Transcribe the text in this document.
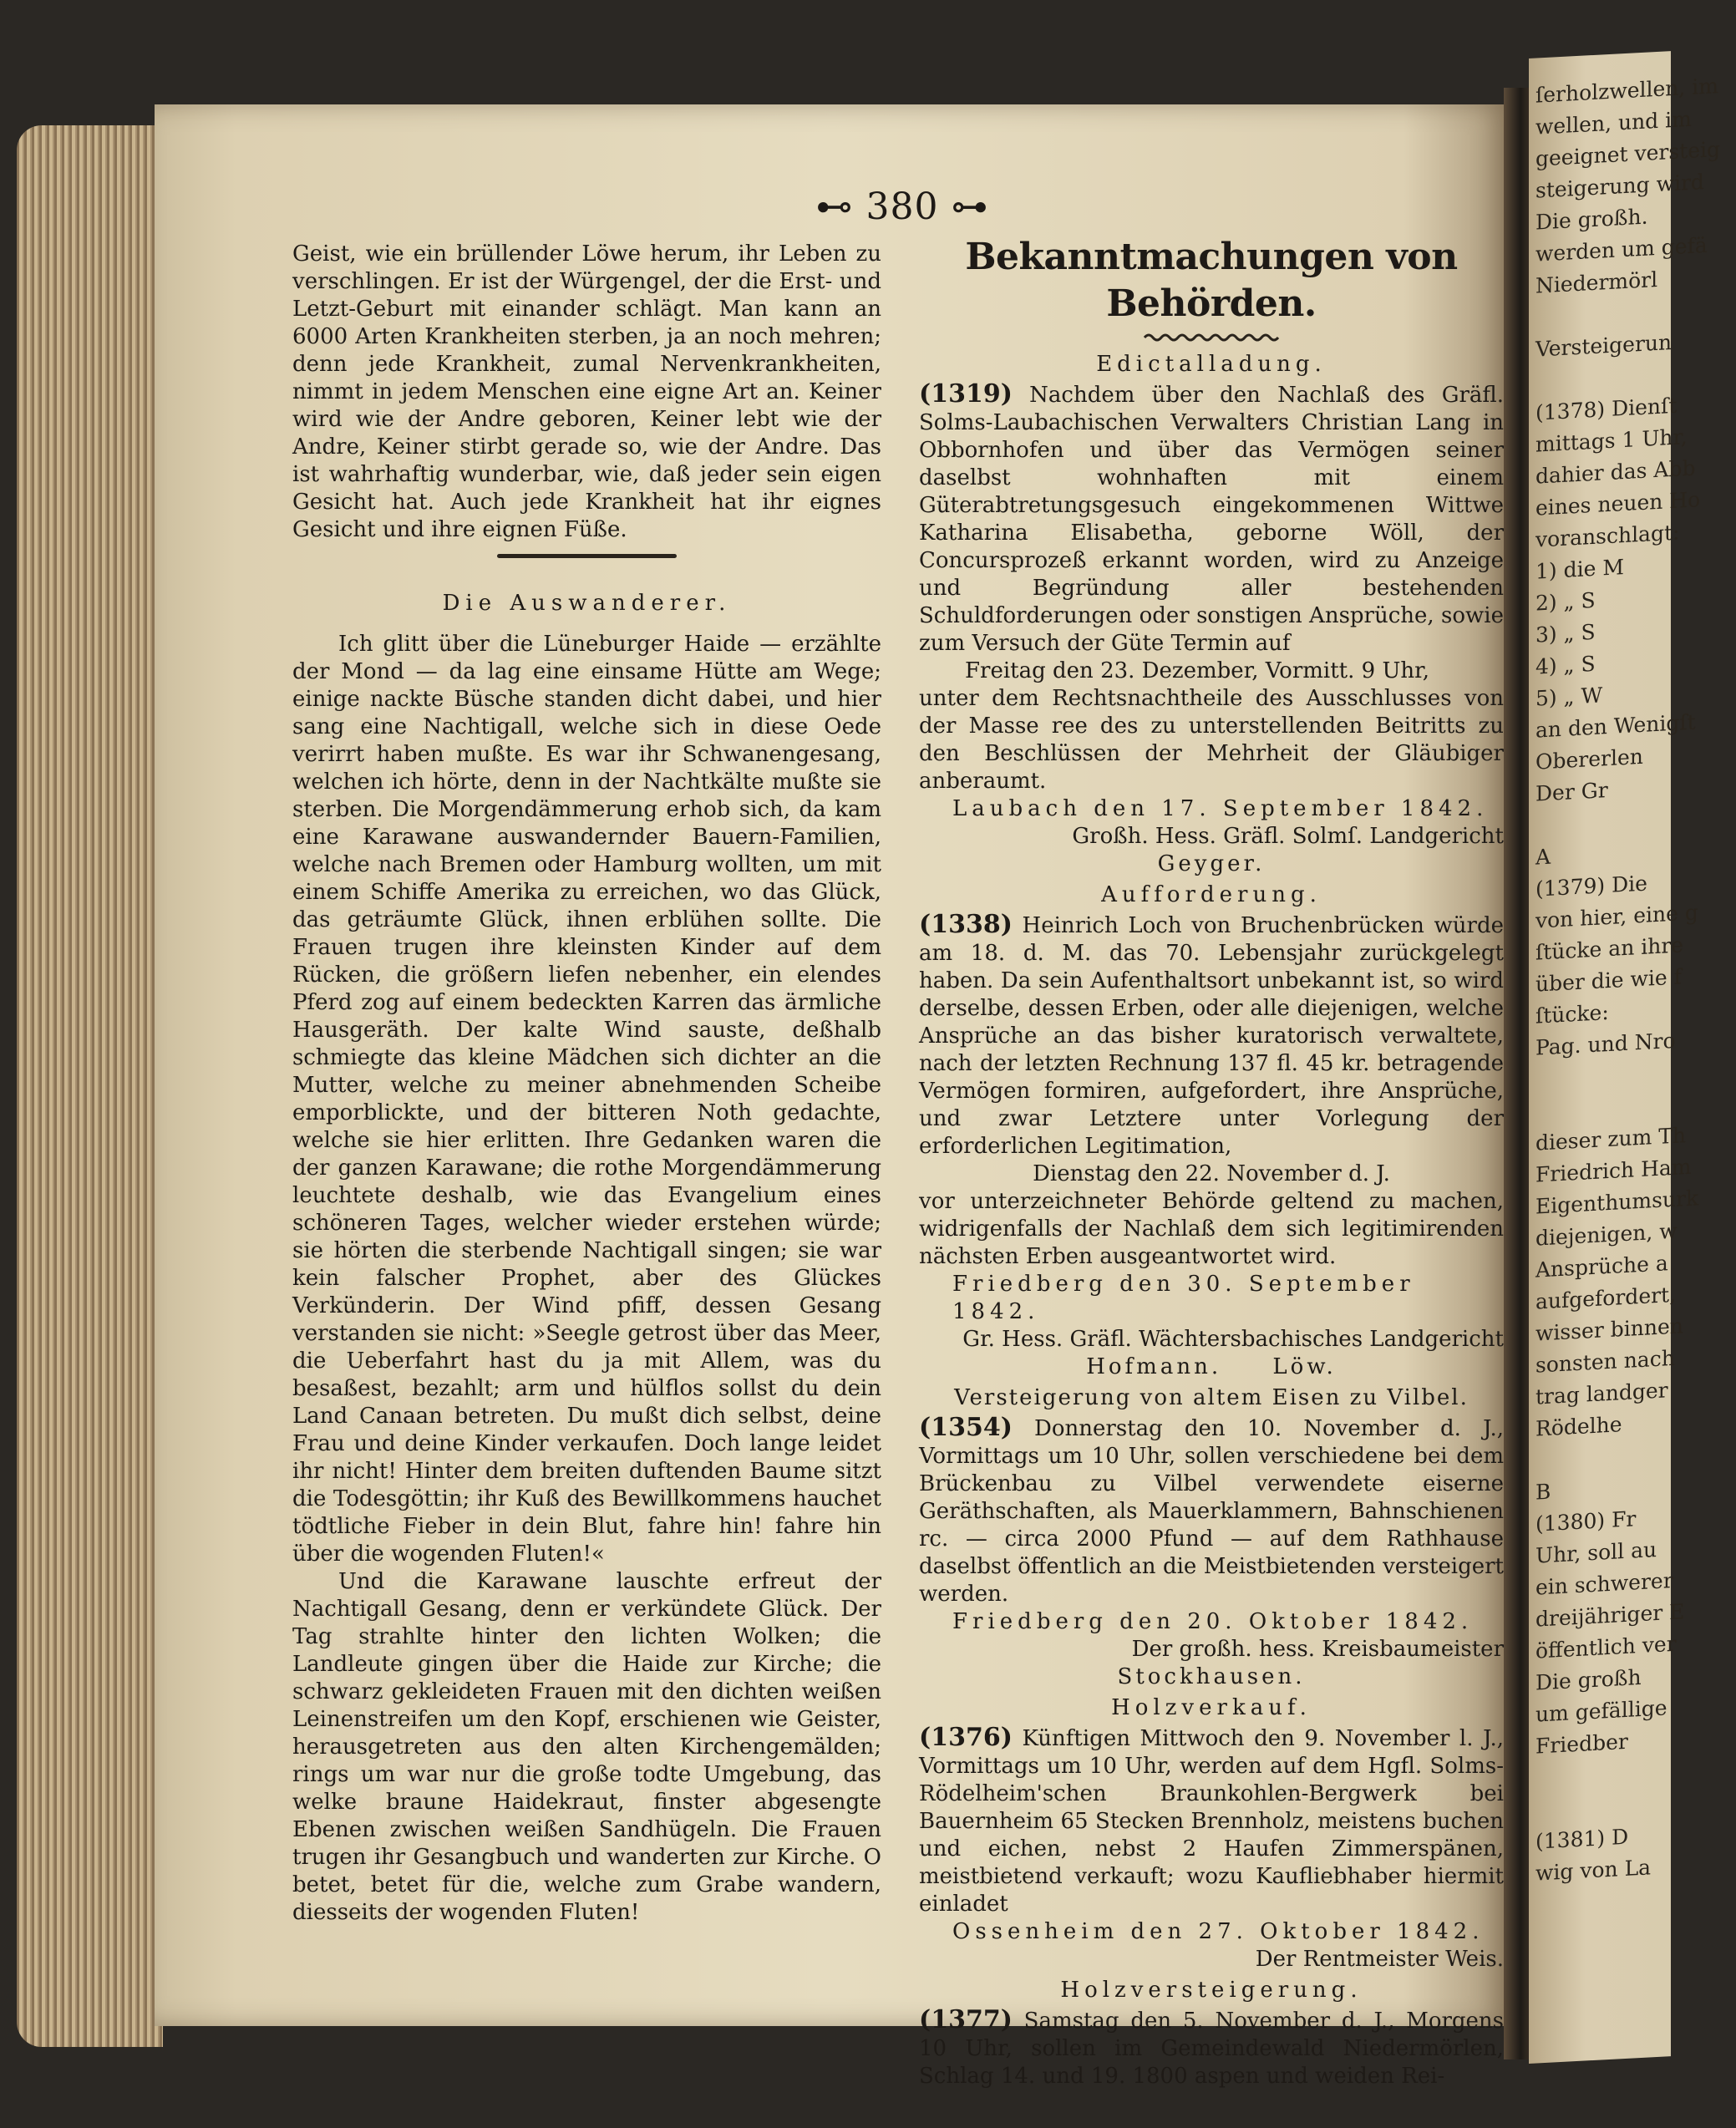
ſerholzwellen, im
wellen, und im
geeignet versteig
steigerung wird
Die großh.
werden um gefä
Niedermörl
Versteigerun
(1378) Dienſt
mittags 1 Uhr,
dahier das Abb
eines neuen Ho
voranschlagt:
1) die M
2) „ S
3) „ S
4) „ S
5) „ W
an den Wenigſt
Obererlen
Der Gr
A
(1379) Die
von hier, eine g
ſtücke an ihre
über die wie f
ſtücke:
Pag. und Nro
dieser zum Th
Friedrich Ham
Eigenthumsurk
diejenigen, w
Ansprüche a
aufgefordert,
wisser binnen
sonsten nach
trag landger
Rödelhe
B
(1380) Fr
Uhr, soll au
ein schwerer
dreijähriger E
öffentlich ver
Die großh
um gefällige
Friedber
(1381) D
wig von La
⊷ 380 ⊶

Geist, wie ein brüllender Löwe herum, ihr Leben zu verschlingen. Er ist der Würgengel, der die Erst- und Letzt-Geburt mit einander schlägt. Man kann an 6000 Arten Krankheiten sterben, ja an noch mehren; denn jede Krankheit, zumal Nervenkrankheiten, nimmt in jedem Menschen eine eigne Art an. Keiner wird wie der Andre geboren, Keiner lebt wie der Andre, Keiner stirbt gerade so, wie der Andre. Das ist wahrhaftig wunderbar, wie, daß jeder sein eigen Gesicht hat. Auch jede Krankheit hat ihr eignes Gesicht und ihre eignen Füße.

Die Auswanderer.

Ich glitt über die Lüneburger Haide — erzählte der Mond — da lag eine einsame Hütte am Wege; einige nackte Büsche standen dicht dabei, und hier sang eine Nachtigall, welche sich in diese Oede verirrt haben mußte. Es war ihr Schwanengesang, welchen ich hörte, denn in der Nachtkälte mußte sie sterben. Die Morgendämmerung erhob sich, da kam eine Karawane auswandernder Bauern-Familien, welche nach Bremen oder Hamburg wollten, um mit einem Schiffe Amerika zu erreichen, wo das Glück, das geträumte Glück, ihnen erblühen sollte. Die Frauen trugen ihre kleinsten Kinder auf dem Rücken, die größern liefen nebenher, ein elendes Pferd zog auf einem bedeckten Karren das ärmliche Hausgeräth. Der kalte Wind sauste, deßhalb schmiegte das kleine Mädchen sich dichter an die Mutter, welche zu meiner abnehmenden Scheibe emporblickte, und der bitteren Noth gedachte, welche sie hier erlitten. Ihre Gedanken waren die der ganzen Karawane; die rothe Morgendämmerung leuchtete deshalb, wie das Evangelium eines schöneren Tages, welcher wieder erstehen würde; sie hörten die sterbende Nachtigall singen; sie war kein falscher Prophet, aber des Glückes Verkünderin. Der Wind pfiff, dessen Gesang verstanden sie nicht: »Seegle getrost über das Meer, die Ueberfahrt hast du ja mit Allem, was du besaßest, bezahlt; arm und hülflos sollst du dein Land Canaan betreten. Du mußt dich selbst, deine Frau und deine Kinder verkaufen. Doch lange leidet ihr nicht! Hinter dem breiten duftenden Baume sitzt die Todesgöttin; ihr Kuß des Bewillkommens hauchet tödtliche Fieber in dein Blut, fahre hin! fahre hin über die wogenden Fluten!«

Und die Karawane lauschte erfreut der Nachtigall Gesang, denn er verkündete Glück. Der Tag strahlte hinter den lichten Wolken; die Landleute gingen über die Haide zur Kirche; die schwarz gekleideten Frauen mit den dichten weißen Leinenstreifen um den Kopf, erschienen wie Geister, herausgetreten aus den alten Kirchengemälden; rings um war nur die große todte Umgebung, das welke braune Haidekraut, finster abgesengte Ebenen zwischen weißen Sandhügeln. Die Frauen trugen ihr Gesangbuch und wanderten zur Kirche. O betet, betet für die, welche zum Grabe wandern, diesseits der wogenden Fluten!

Bekanntmachungen von Behörden.
Edictalladung.

(1319) Nachdem über den Nachlaß des Gräfl. Solms-Laubachischen Verwalters Christian Lang in Obbornhofen und über das Vermögen seiner daselbst wohnhaften mit einem Güterabtretungsgesuch eingekommenen Wittwe Katharina Elisabetha, geborne Wöll, der Concursprozeß erkannt worden, wird zu Anzeige und Begründung aller bestehenden Schuldforderungen oder sonstigen Ansprüche, sowie zum Versuch der Güte Termin auf

Freitag den 23. Dezember, Vormitt. 9 Uhr,

unter dem Rechtsnachtheile des Ausschlusses von der Masse ree des zu unterstellenden Beitritts zu den Beschlüssen der Mehrheit der Gläubiger anberaumt.

Laubach den 17. September 1842.
Großh. Hess. Gräfl. Solmſ. Landgericht
Geyger.
Aufforderung.

(1338) Heinrich Loch von Bruchenbrücken würde am 18. d. M. das 70. Lebensjahr zurückgelegt haben. Da sein Aufenthaltsort unbekannt ist, so wird derselbe, dessen Erben, oder alle diejenigen, welche Ansprüche an das bisher kuratorisch verwaltete, nach der letzten Rechnung 137 fl. 45 kr. betragende Vermögen formiren, aufgefordert, ihre Ansprüche, und zwar Letztere unter Vorlegung der erforderlichen Legitimation,

Dienstag den 22. November d. J.

vor unterzeichneter Behörde geltend zu machen, widrigenfalls der Nachlaß dem sich legitimirenden nächsten Erben ausgeantwortet wird.

Friedberg den 30. September 1842.
Gr. Hess. Gräfl. Wächtersbachisches Landgericht
Hofmann.     Löw.
Versteigerung von altem Eisen zu Vilbel.

(1354) Donnerstag den 10. November d. J., Vormittags um 10 Uhr, sollen verschiedene bei dem Brückenbau zu Vilbel verwendete eiserne Geräthschaften, als Mauerklammern, Bahnschienen rc. — circa 2000 Pfund — auf dem Rathhause daselbst öffentlich an die Meistbietenden versteigert werden.

Friedberg den 20. Oktober 1842.
Der großh. hess. Kreisbaumeister
Stockhausen.
Holzverkauf.

(1376) Künftigen Mittwoch den 9. November l. J., Vormittags um 10 Uhr, werden auf dem Hgfl. Solms-Rödelheim'schen Braunkohlen-Bergwerk bei Bauernheim 65 Stecken Brennholz, meistens buchen und eichen, nebst 2 Haufen Zimmerspänen, meistbietend verkauft; wozu Kaufliebhaber hiermit einladet

Ossenheim den 27. Oktober 1842.
Der Rentmeister Weis.
Holzversteigerung.

(1377) Samstag den 5. November d. J., Morgens 10 Uhr, sollen im Gemeindewald Niedermörlen, Schlag 14. und 19. 1800 aspen und weiden Rei-
